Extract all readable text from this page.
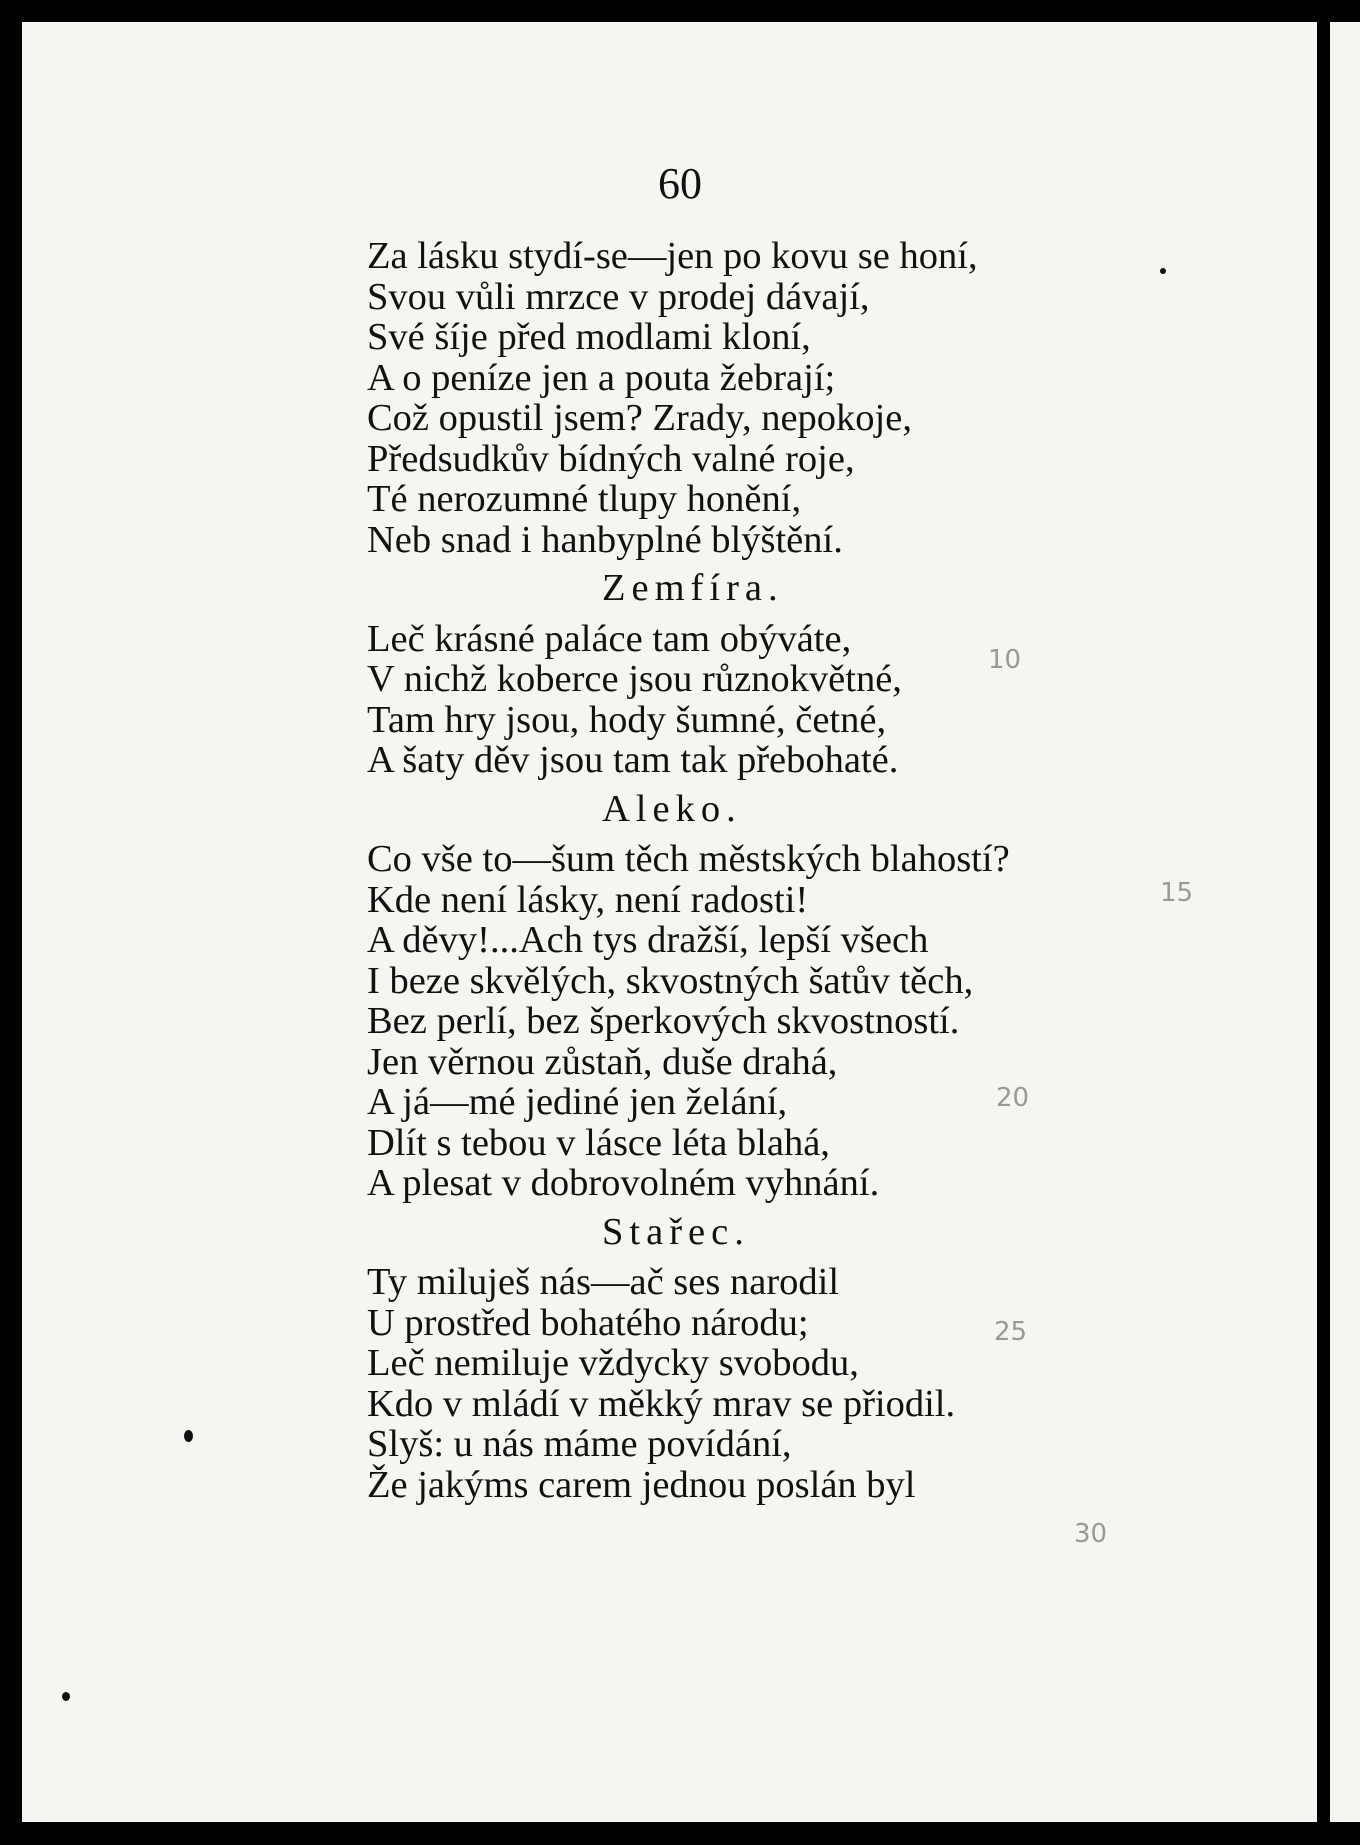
60
Za lásku stydí-se—jen po kovu se honí,
Svou vůli mrzce v prodej dávají,
Své šíje před modlami kloní,
A o peníze jen a pouta žebrají;
Což opustil jsem? Zrady, nepokoje,
Předsudkův bídných valné roje,
Té nerozumné tlupy honění,
Neb snad i hanbyplné blýštění.
Zemfíra.
Leč krásné paláce tam obýváte,
V nichž koberce jsou různokvětné,
Tam hry jsou, hody šumné, četné,
A šaty děv jsou tam tak přebohaté.
Aleko.
Co vše to—šum těch městských blahostí?
Kde není lásky, není radosti!
A děvy!...Ach tys dražší, lepší všech
I beze skvělých, skvostných šatův těch,
Bez perlí, bez šperkových skvostností.
Jen věrnou zůstaň, duše drahá,
A já—mé jediné jen želání,
Dlít s tebou v lásce léta blahá,
A plesat v dobrovolném vyhnání.
Stařec.
Ty miluješ nás—ač ses narodil
U prostřed bohatého národu;
Leč nemiluje vždycky svobodu,
Kdo v mládí v měkký mrav se přiodil.
Slyš: u nás máme povídání,
Že jakýms carem jednou poslán byl
10
15
20
25
30
